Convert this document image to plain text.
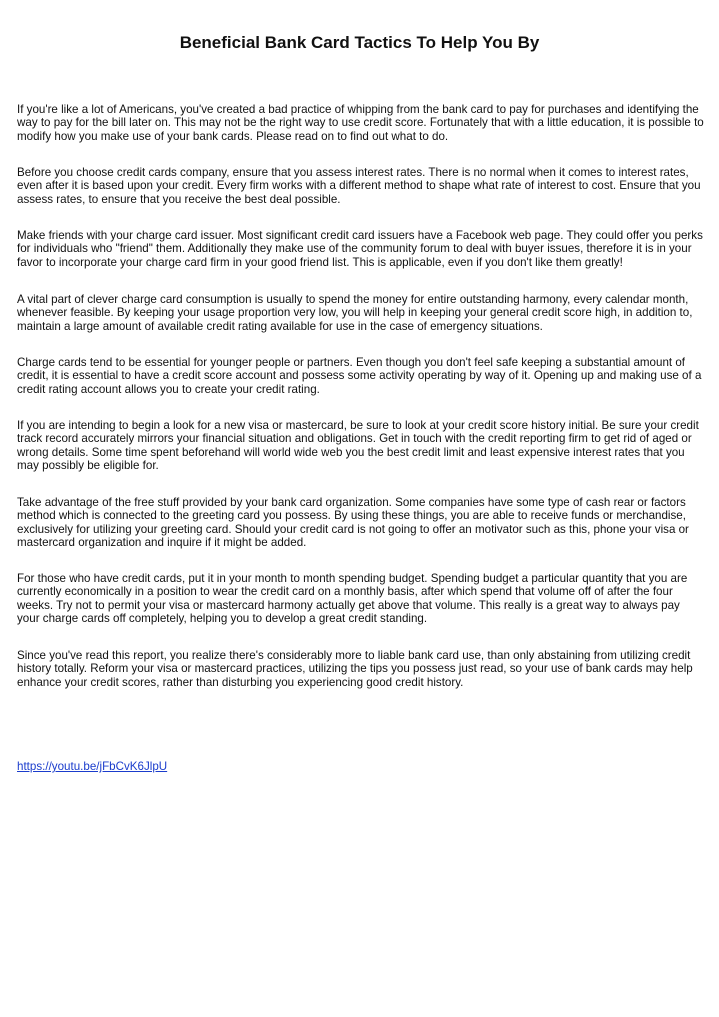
Beneficial Bank Card Tactics To Help You By

If you're like a lot of Americans, you've created a bad practice of whipping from the bank card to pay for purchases and identifying the way to pay for the bill later on. This may not be the right way to use credit score. Fortunately that with a little education, it is possible to modify how you make use of your bank cards. Please read on to find out what to do.

Before you choose credit cards company, ensure that you assess interest rates. There is no normal when it comes to interest rates, even after it is based upon your credit. Every firm works with a different method to shape what rate of interest to cost. Ensure that you assess rates, to ensure that you receive the best deal possible.

Make friends with your charge card issuer. Most significant credit card issuers have a Facebook web page. They could offer you perks for individuals who "friend" them. Additionally they make use of the community forum to deal with buyer issues, therefore it is in your favor to incorporate your charge card firm in your good friend list. This is applicable, even if you don't like them greatly!

A vital part of clever charge card consumption is usually to spend the money for entire outstanding harmony, every calendar month, whenever feasible. By keeping your usage proportion very low, you will help in keeping your general credit score high, in addition to, maintain a large amount of available credit rating available for use in the case of emergency situations.

Charge cards tend to be essential for younger people or partners. Even though you don't feel safe keeping a substantial amount of credit, it is essential to have a credit score account and possess some activity operating by way of it. Opening up and making use of a credit rating account allows you to create your credit rating.

If you are intending to begin a look for a new visa or mastercard, be sure to look at your credit score history initial. Be sure your credit track record accurately mirrors your financial situation and obligations. Get in touch with the credit reporting firm to get rid of aged or wrong details. Some time spent beforehand will world wide web you the best credit limit and least expensive interest rates that you may possibly be eligible for.

Take advantage of the free stuff provided by your bank card organization. Some companies have some type of cash rear or factors method which is connected to the greeting card you possess. By using these things, you are able to receive funds or merchandise, exclusively for utilizing your greeting card. Should your credit card is not going to offer an motivator such as this, phone your visa or mastercard organization and inquire if it might be added.

For those who have credit cards, put it in your month to month spending budget. Spending budget a particular quantity that you are currently economically in a position to wear the credit card on a monthly basis, after which spend that volume off of after the four weeks. Try not to permit your visa or mastercard harmony actually get above that volume. This really is a great way to always pay your charge cards off completely, helping you to develop a great credit standing.

Since you've read this report, you realize there's considerably more to liable bank card use, than only abstaining from utilizing credit history totally. Reform your visa or mastercard practices, utilizing the tips you possess just read, so your use of bank cards may help enhance your credit scores, rather than disturbing you experiencing good credit history.

https://youtu.be/jFbCvK6JlpU
